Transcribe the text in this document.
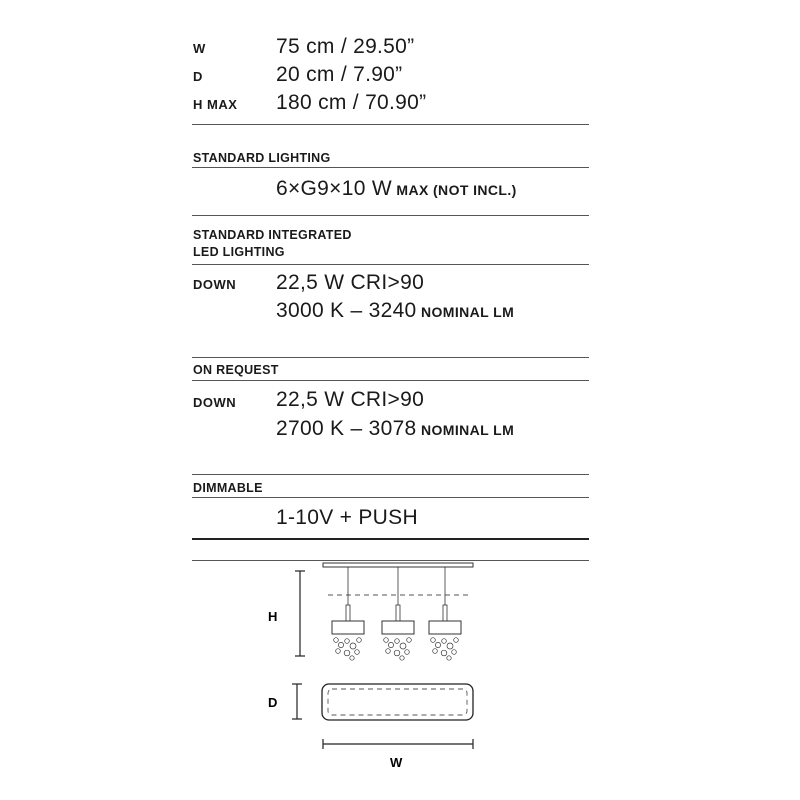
W	75 cm / 29.50”
D	20 cm / 7.90”
H MAX 180 cm / 70.90”
STANDARD LIGHTING
6×G9×10 W MAX (NOT INCL.)
STANDARD INTEGRATED
LED LIGHTING
DOWN 22,5 W CRI>90
3000 K – 3240 NOMINAL LM
ON REQUEST
DOWN 22,5 W CRI>90
2700 K – 3078 NOMINAL LM
DIMMABLE
1-10V + PUSH
H
D
W
